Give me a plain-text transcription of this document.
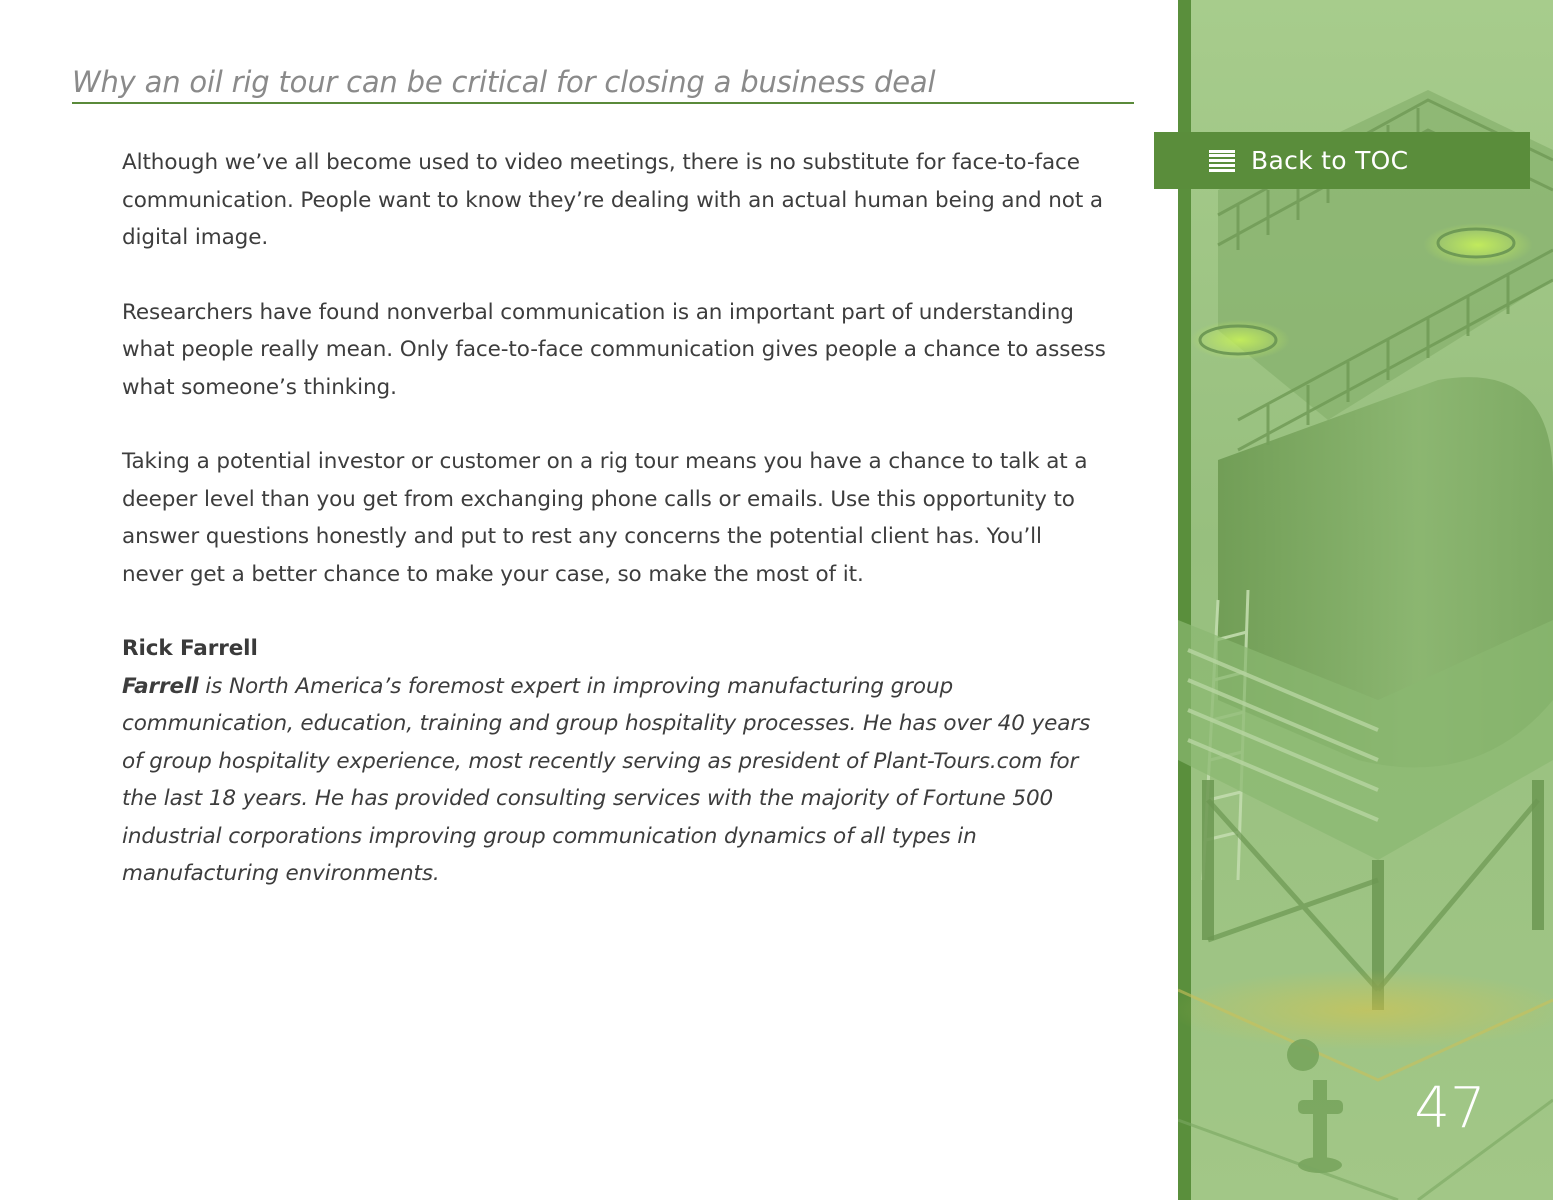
Why an oil rig tour can be critical for closing a business deal

Although we’ve all become used to video meetings, there is no substitute for face-to-face communication. People want to know they’re dealing with an actual human being and not a digital image.

Researchers have found nonverbal communication is an important part of understanding what people really mean. Only face-to-face communication gives people a chance to assess what someone’s thinking.

Taking a potential investor or customer on a rig tour means you have a chance to talk at a deeper level than you get from exchanging phone calls or emails. Use this opportunity to answer questions honestly and put to rest any concerns the potential client has. You’ll never get a better chance to make your case, so make the most of it.

Rick Farrell
Farrell is North America’s foremost expert in improving manufacturing group communication, education, training and group hospitality processes. He has over 40 years of group hospitality experience, most recently serving as president of Plant-Tours.com for the last 18 years. He has provided consulting services with the majority of Fortune 500 industrial corporations improving group communication dynamics of all types in manufacturing environments.
Back to TOC
47
